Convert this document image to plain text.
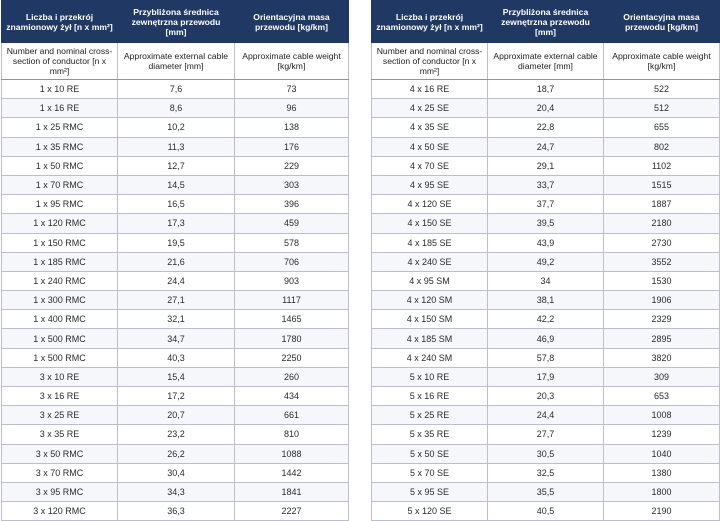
Liczba i przekrój znamionowy żył [n x mm²]	Przybliżona średnica zewnętrzna przewodu [mm]	Orientacyjna masa przewodu [kg/km]
Number and nominal cross-section of conductor [n x mm²]	Approximate external cable diameter [mm]	Approximate cable weight [kg/km]
1 x 10 RE	7,6	73
1 x 16 RE	8,6	96
1 x 25 RMC	10,2	138
1 x 35 RMC	11,3	176
1 x 50 RMC	12,7	229
1 x 70 RMC	14,5	303
1 x 95 RMC	16,5	396
1 x 120 RMC	17,3	459
1 x 150 RMC	19,5	578
1 x 185 RMC	21,6	706
1 x 240 RMC	24,4	903
1 x 300 RMC	27,1	1117
1 x 400 RMC	32,1	1465
1 x 500 RMC	34,7	1780
1 x 500 RMC	40,3	2250
3 x 10 RE	15,4	260
3 x 16 RE	17,2	434
3 x 25 RE	20,7	661
3 x 35 RE	23,2	810
3 x 50 RMC	26,2	1088
3 x 70 RMC	30,4	1442
3 x 95 RMC	34,3	1841
3 x 120 RMC	36,3	2227
Liczba i przekrój znamionowy żył [n x mm²]	Przybliżona średnica zewnętrzna przewodu [mm]	Orientacyjna masa przewodu [kg/km]
Number and nominal cross-section of conductor [n x mm²]	Approximate external cable diameter [mm]	Approximate cable weight [kg/km]
4 x 16 RE	18,7	522
4 x 25 SE	20,4	512
4 x 35 SE	22,8	655
4 x 50 SE	24,7	802
4 x 70 SE	29,1	1102
4 x 95 SE	33,7	1515
4 x 120 SE	37,7	1887
4 x 150 SE	39,5	2180
4 x 185 SE	43,9	2730
4 x 240 SE	49,2	3552
4 x 95 SM	34	1530
4 x 120 SM	38,1	1906
4 x 150 SM	42,2	2329
4 x 185 SM	46,9	2895
4 x 240 SM	57,8	3820
5 x 10 RE	17,9	309
5 x 16 RE	20,3	653
5 x 25 RE	24,4	1008
5 x 35 RE	27,7	1239
5 x 50 SE	30,5	1040
5 x 70 SE	32,5	1380
5 x 95 SE	35,5	1800
5 x 120 SE	40,5	2190
